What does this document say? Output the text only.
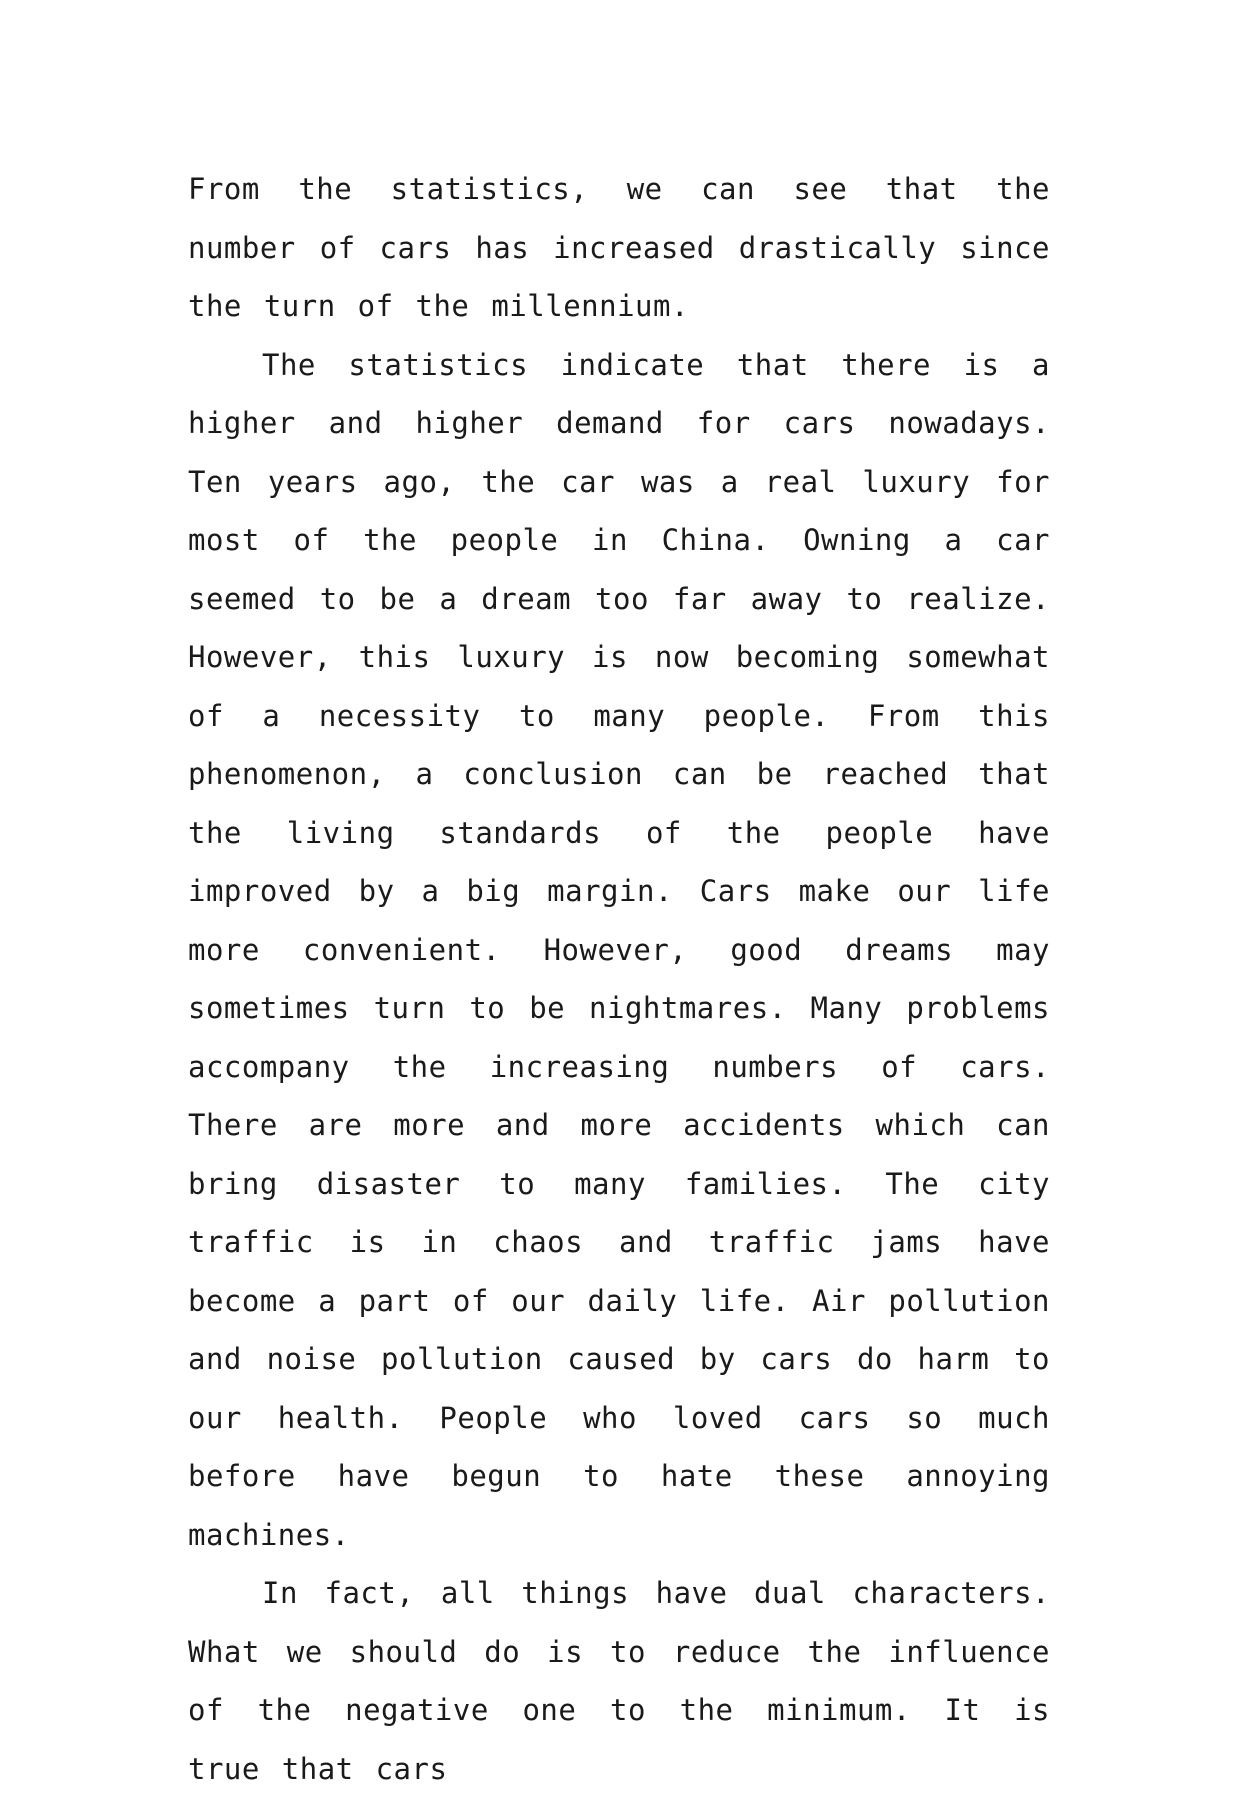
From the statistics, we can see that the number of cars has increased drastically since the turn of the millennium.

The statistics indicate that there is a higher and higher demand for cars nowadays. Ten years ago, the car was a real luxury for most of the people in China. Owning a car seemed to be a dream too far away to realize. However, this luxury is now becoming somewhat of a necessity to many people. From this phenomenon, a conclusion can be reached that the living standards of the people have improved by a big margin. Cars make our life more convenient. However, good dreams may sometimes turn to be nightmares. Many problems accompany the increasing numbers of cars. There are more and more accidents which can bring disaster to many families. The city traffic is in chaos and traffic jams have become a part of our daily life. Air pollution and noise pollution caused by cars do harm to our health. People who loved cars so much before have begun to hate these annoying machines.

In fact, all things have dual characters. What we should do is to reduce the influence of the negative one to the minimum. It is true that cars
